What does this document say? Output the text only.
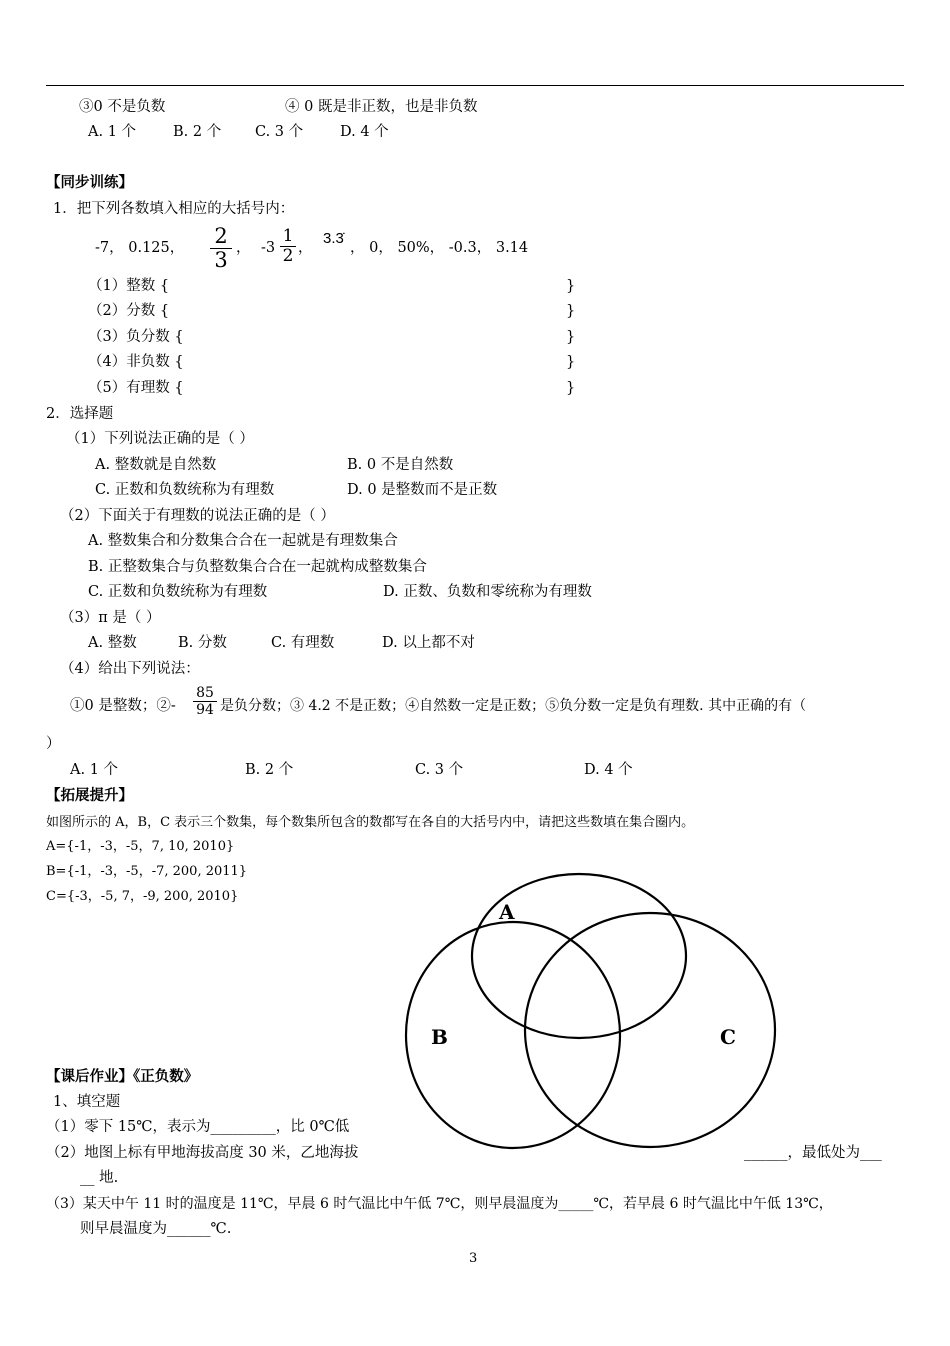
③0 不是负数	④ 0 既是非正数，也是非负数
A. 1 个	B. 2 个 C. 3 个	D. 4 个
【同步训练】
1．把下列各数填入相应的大括号内：
-7， 0.125， 2
3 ， -3
1
2 ，
3.3̇
， 0， 50%， -0.3， 3.14
（1）整数 {	}
（2）分数 {	}
（3）负分数 {	}
（4）非负数 {	}
（5）有理数 {	}
2．选择题
（1）下列说法正确的是（ ）
A. 整数就是自然数	B. 0 不是自然数
C. 正数和负数统称为有理数	D. 0 是整数而不是正数
（2）下面关于有理数的说法正确的是（ ）
A. 整数集合和分数集合合在一起就是有理数集合
B. 正整数集合与负整数集合合在一起就构成整数集合
C. 正数和负数统称为有理数	D. 正数、负数和零统称为有理数
（3）π 是（ ）
A. 整数	B. 分数	C. 有理数	D. 以上都不对
（4）给出下列说法：
①0 是整数；②-
85
94 是负分数；③ 4.2 不是正数；④自然数一定是正数；⑤负分数一定是负有理数. 其中正确的有（
）
A. 1 个	B. 2 个	C. 3 个	D. 4 个
【拓展提升】
如图所示的 A，B，C 表示三个数集，每个数集所包含的数都写在各自的大括号内中，请把这些数填在集合圈内。
A={-1，-3，-5，7, 10, 2010}
B={-1，-3，-5，-7, 200, 2011}
C={-3，-5, 7，-9, 200, 2010}
【课后作业】《正负数》
1、填空题
（1）零下 15℃，表示为_________，比 0℃低
（2）地图上标有甲地海拔高度 30 米，乙地海拔	______，最低处为___
__ 地.
（3）某天中午 11 时的温度是 11℃，早晨 6 时气温比中午低 7℃，则早晨温度为_____℃，若早晨 6 时气温比中午低 13℃，
则早晨温度为______℃.
A
B	C
3
